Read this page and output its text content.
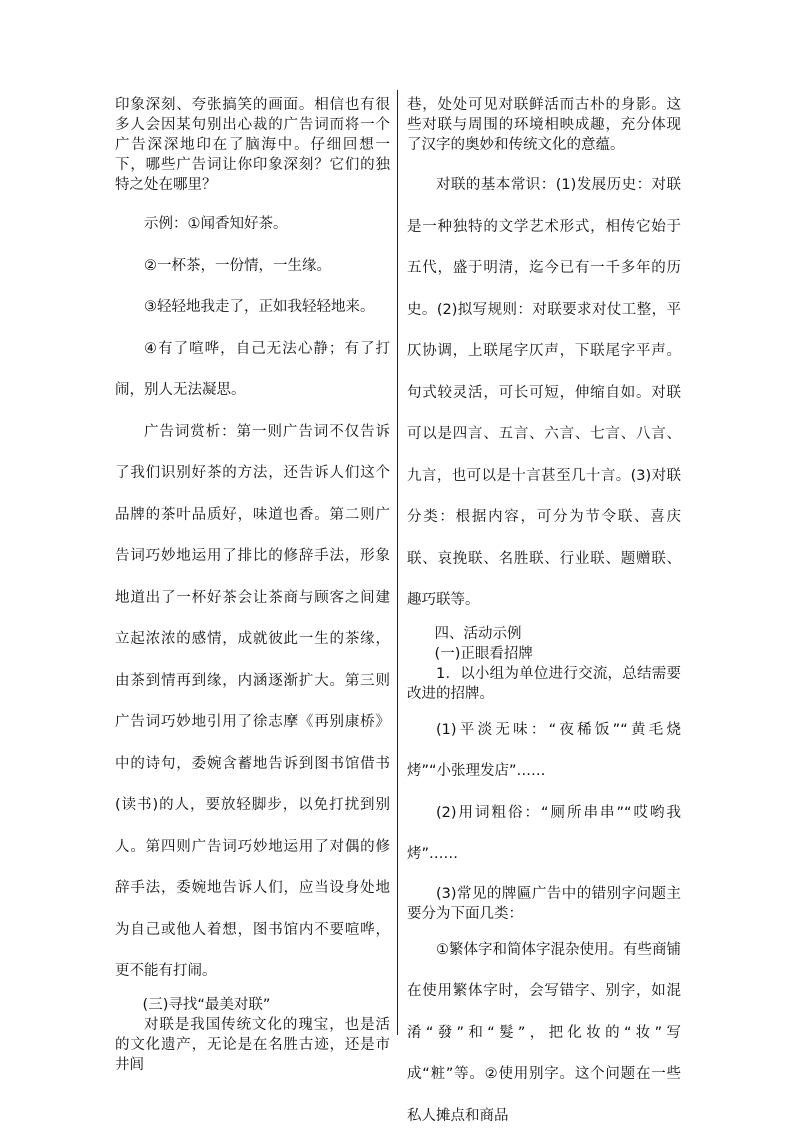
印象深刻、夸张搞笑的画面。相信也有很多人会因某句别出心裁的广告词而将一个广告深深地印在了脑海中。仔细回想一下，哪些广告词让你印象深刻？它们的独特之处在哪里？

示例：①闻香知好茶。

②一杯茶，一份情，一生缘。

③轻轻地我走了，正如我轻轻地来。

④有了喧哗，自己无法心静；有了打闹，别人无法凝思。

广告词赏析：第一则广告词不仅告诉了我们识别好茶的方法，还告诉人们这个品牌的茶叶品质好，味道也香。第二则广告词巧妙地运用了排比的修辞手法，形象地道出了一杯好茶会让茶商与顾客之间建立起浓浓的感情，成就彼此一生的茶缘，由茶到情再到缘，内涵逐渐扩大。第三则广告词巧妙地引用了徐志摩《再别康桥》中的诗句，委婉含蓄地告诉到图书馆借书(读书)的人，要放轻脚步，以免打扰到别人。第四则广告词巧妙地运用了对偶的修辞手法，委婉地告诉人们，应当设身处地为自己或他人着想，图书馆内不要喧哗，更不能有打闹。

(三)寻找“最美对联”

对联是我国传统文化的瑰宝，也是活的文化遗产，无论是在名胜古迹，还是市井闾

巷，处处可见对联鲜活而古朴的身影。这些对联与周围的环境相映成趣，充分体现了汉字的奥妙和传统文化的意蕴。

对联的基本常识：(1)发展历史：对联是一种独特的文学艺术形式，相传它始于五代，盛于明清，迄今已有一千多年的历史。(2)拟写规则：对联要求对仗工整，平仄协调，上联尾字仄声，下联尾字平声。句式较灵活，可长可短，伸缩自如。对联可以是四言、五言、六言、七言、八言、九言，也可以是十言甚至几十言。(3)对联分类：根据内容，可分为节令联、喜庆联、哀挽联、名胜联、行业联、题赠联、趣巧联等。

四、活动示例

(一)正眼看招牌

1．以小组为单位进行交流，总结需要改进的招牌。

(1)平淡无味：“夜稀饭”“黄毛烧烤”“小张理发店”……

(2)用词粗俗：“厕所串串”“哎哟我烤”……

(3)常见的牌匾广告中的错别字问题主要分为下面几类：

①繁体字和简体字混杂使用。有些商铺在使用繁体字时，会写错字、别字，如混淆“發”和“髮”，把化妆的“妆”写成“粧”等。②使用别字。这个问题在一些私人摊点和商品
